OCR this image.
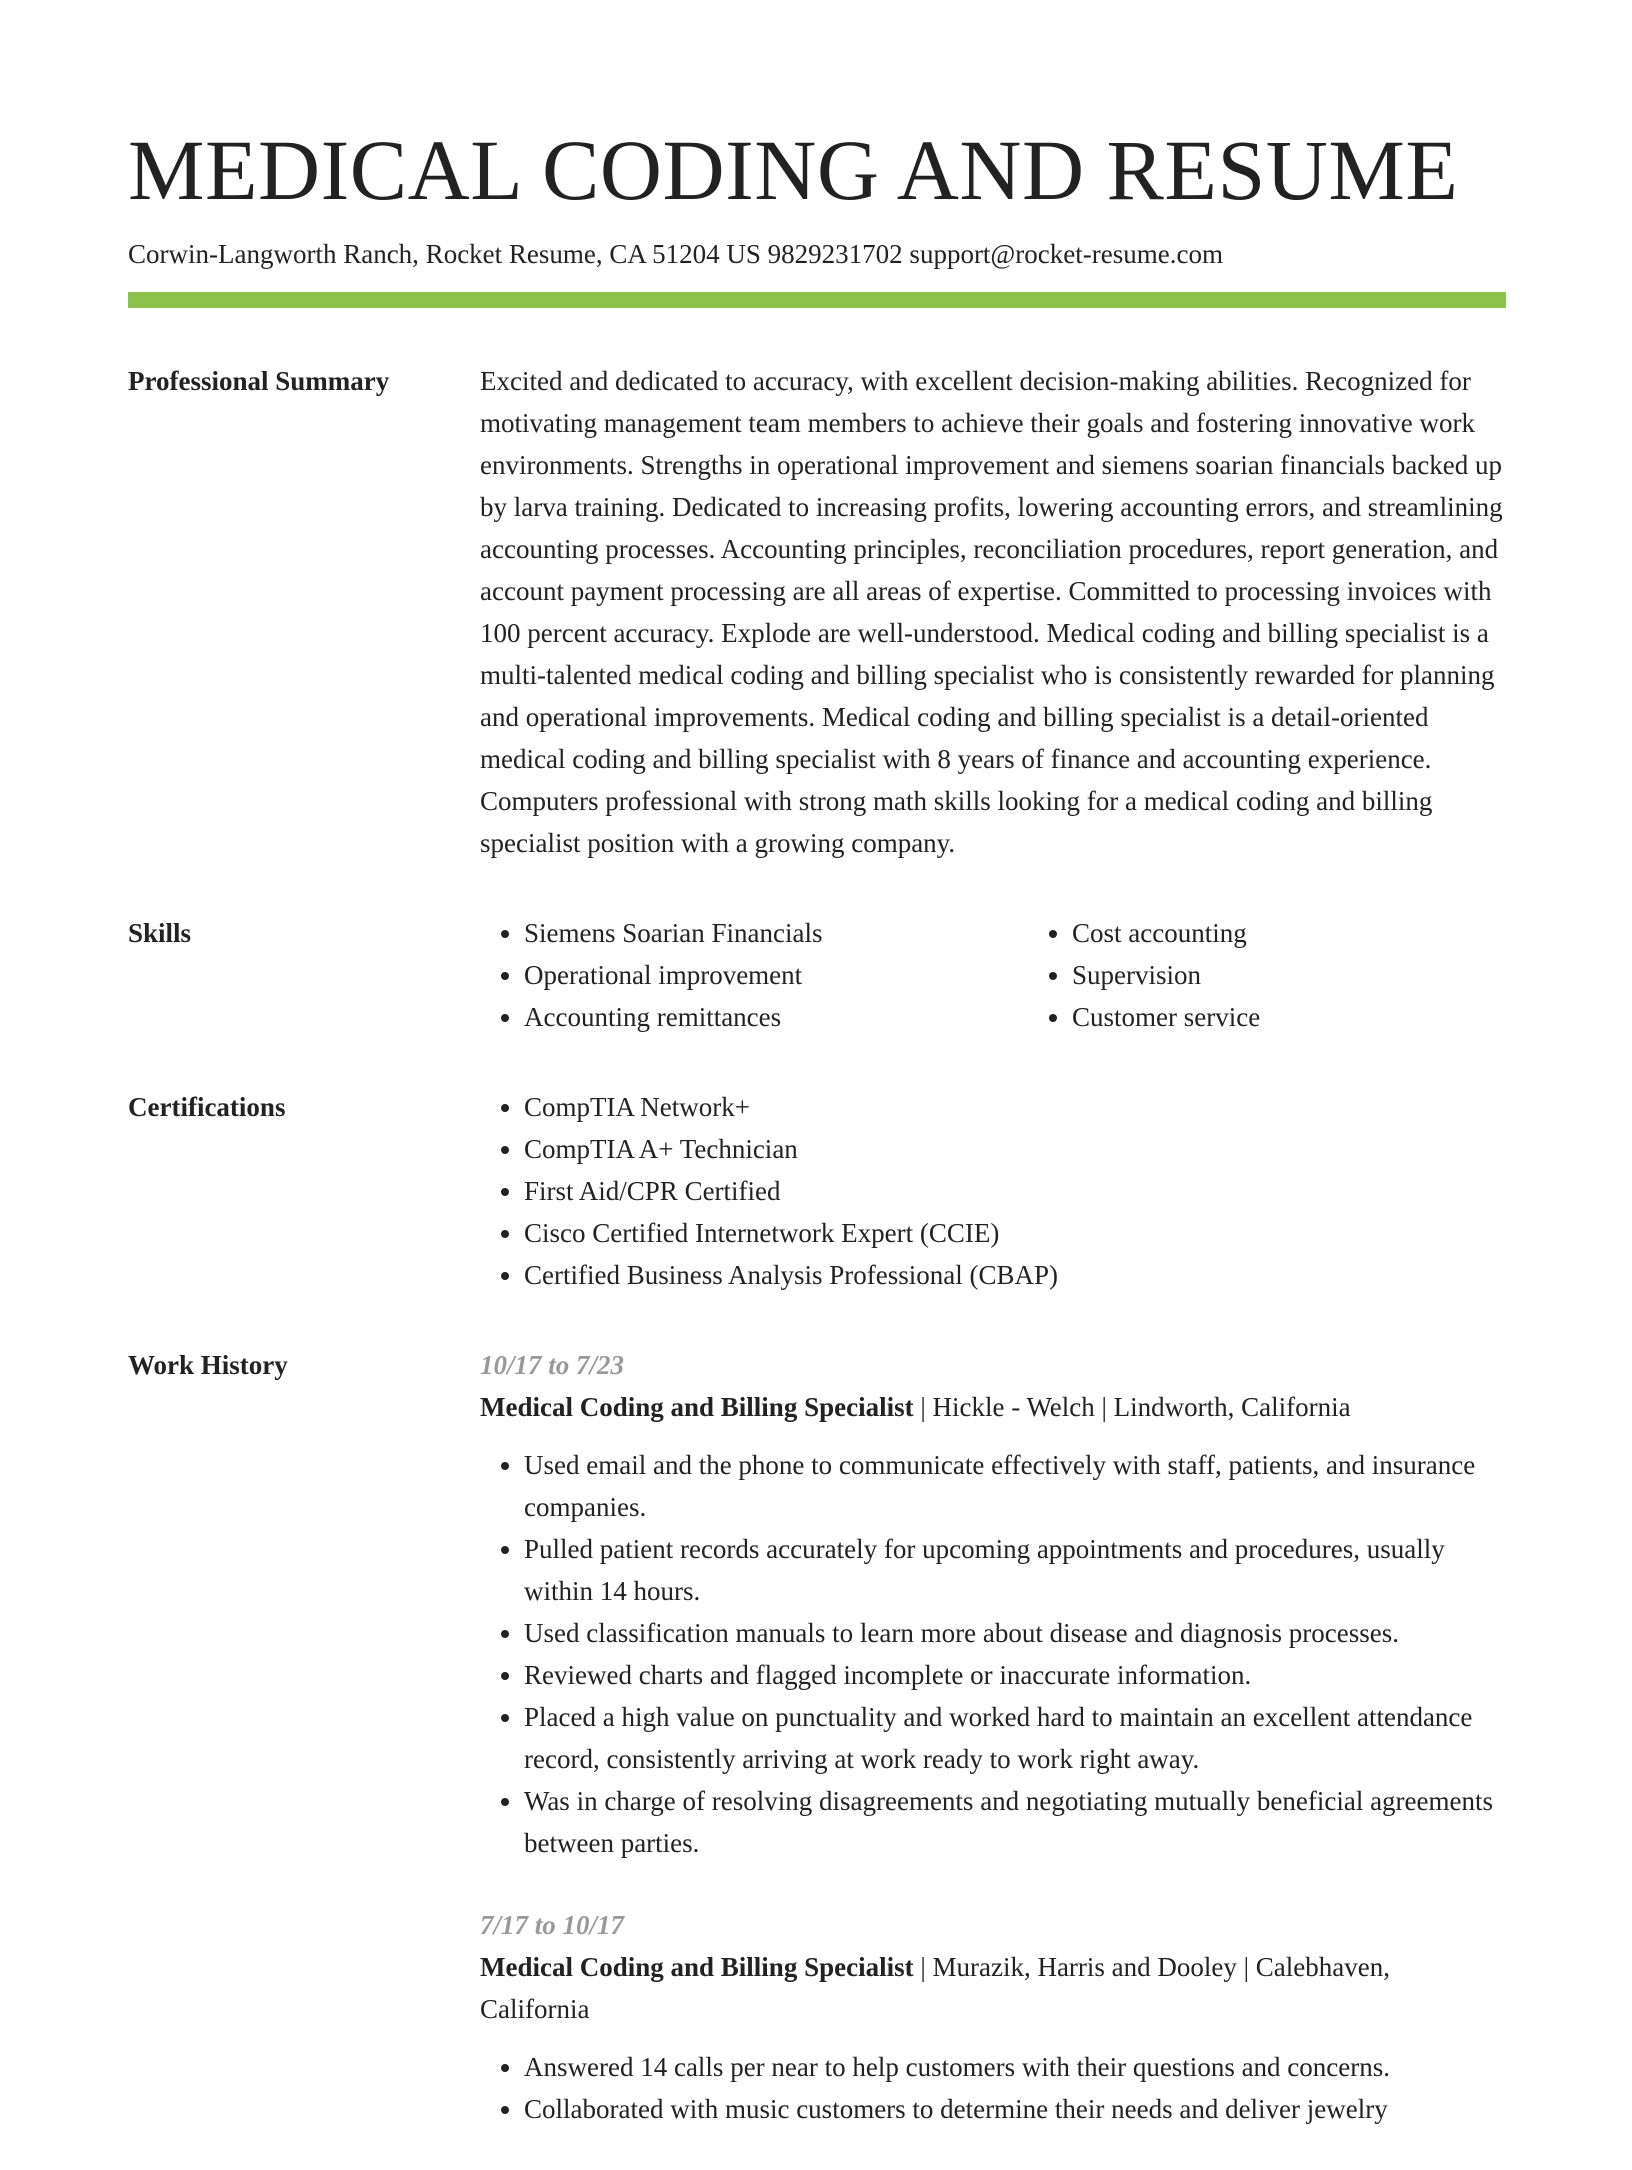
MEDICAL CODING AND RESUME
Corwin-Langworth Ranch, Rocket Resume, CA 51204 US 9829231702 support@rocket-resume.com
Professional Summary	Excited and dedicated to accuracy, with excellent decision-making abilities. Recognized for motivating management team members to achieve their goals and fostering innovative work environments. Strengths in operational improvement and siemens soarian financials backed up by larva training. Dedicated to increasing profits, lowering accounting errors, and streamlining accounting processes. Accounting principles, reconciliation procedures, report generation, and account payment processing are all areas of expertise. Committed to processing invoices with 100 percent accuracy. Explode are well-understood. Medical coding and billing specialist is a multi-talented medical coding and billing specialist who is consistently rewarded for planning and operational improvements. Medical coding and billing specialist is a detail-oriented medical coding and billing specialist with 8 years of finance and accounting experience. Computers professional with strong math skills looking for a medical coding and billing specialist position with a growing company.

Skills	• Siemens Soarian Financials
• Operational improvement
• Accounting remittances
• Cost accounting
• Supervision
• Customer service
Certifications	• CompTIA Network+
• CompTIA A+ Technician
• First Aid/CPR Certified
• Cisco Certified Internetwork Expert (CCIE)
• Certified Business Analysis Professional (CBAP)
Work History	10/17 to 7/23
Medical Coding and Billing Specialist | Hickle - Welch | Lindworth, California
• Used email and the phone to communicate effectively with staff, patients, and insurance companies.
• Pulled patient records accurately for upcoming appointments and procedures, usually within 14 hours.
• Used classification manuals to learn more about disease and diagnosis processes.
• Reviewed charts and flagged incomplete or inaccurate information.
• Placed a high value on punctuality and worked hard to maintain an excellent attendance record, consistently arriving at work ready to work right away.
• Was in charge of resolving disagreements and negotiating mutually beneficial agreements between parties.
7/17 to 10/17
Medical Coding and Billing Specialist | Murazik, Harris and Dooley | Calebhaven, California
• Answered 14 calls per near to help customers with their questions and concerns.
• Collaborated with music customers to determine their needs and deliver jewelry
